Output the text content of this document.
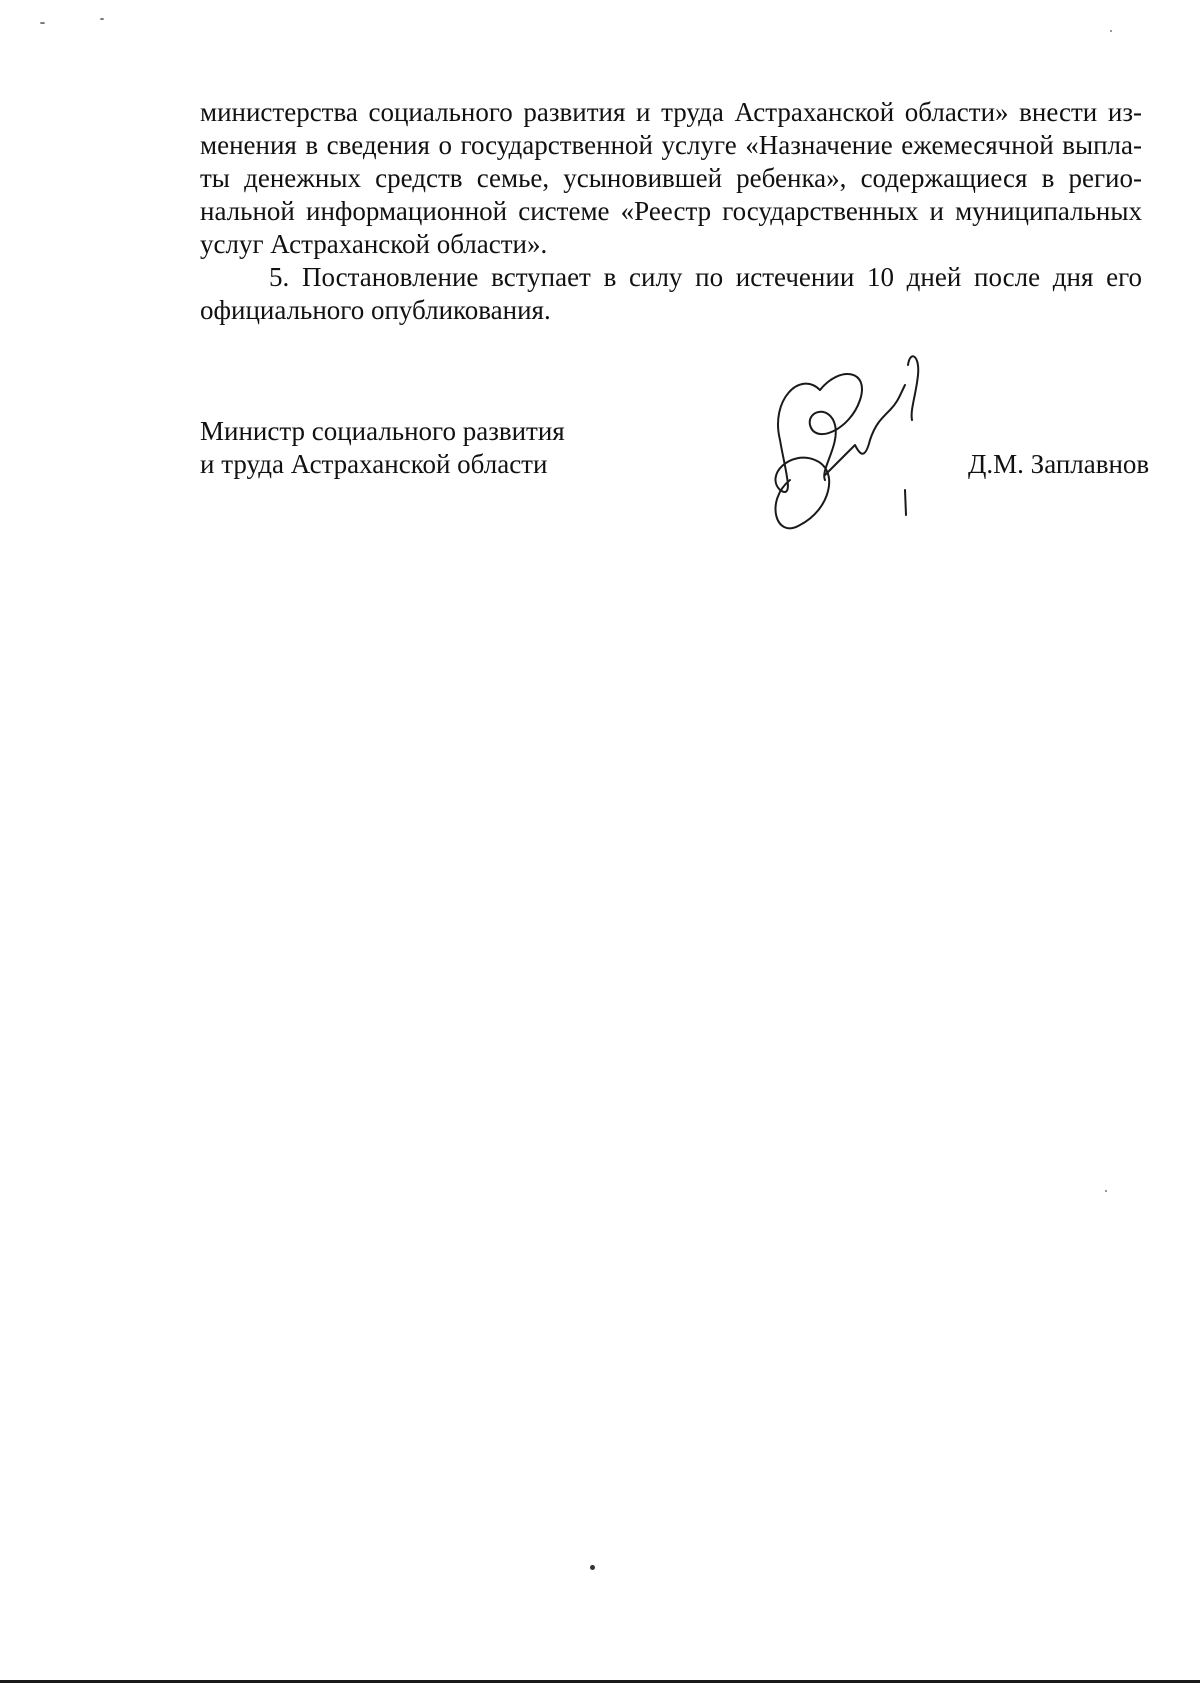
министерства социального развития и труда Астраханской области» внести из-
менения в сведения о государственной услуге «Назначение ежемесячной выпла-
ты денежных средств семье, усыновившей ребенка», содержащиеся в регио-
нальной информационной системе «Реестр государственных и муниципальных
услуг Астраханской области».
5. Постановление вступает в силу по истечении 10 дней после дня его
официального опубликования.
Министр социального развития
и труда Астраханской области	Д.М. Заплавнов
